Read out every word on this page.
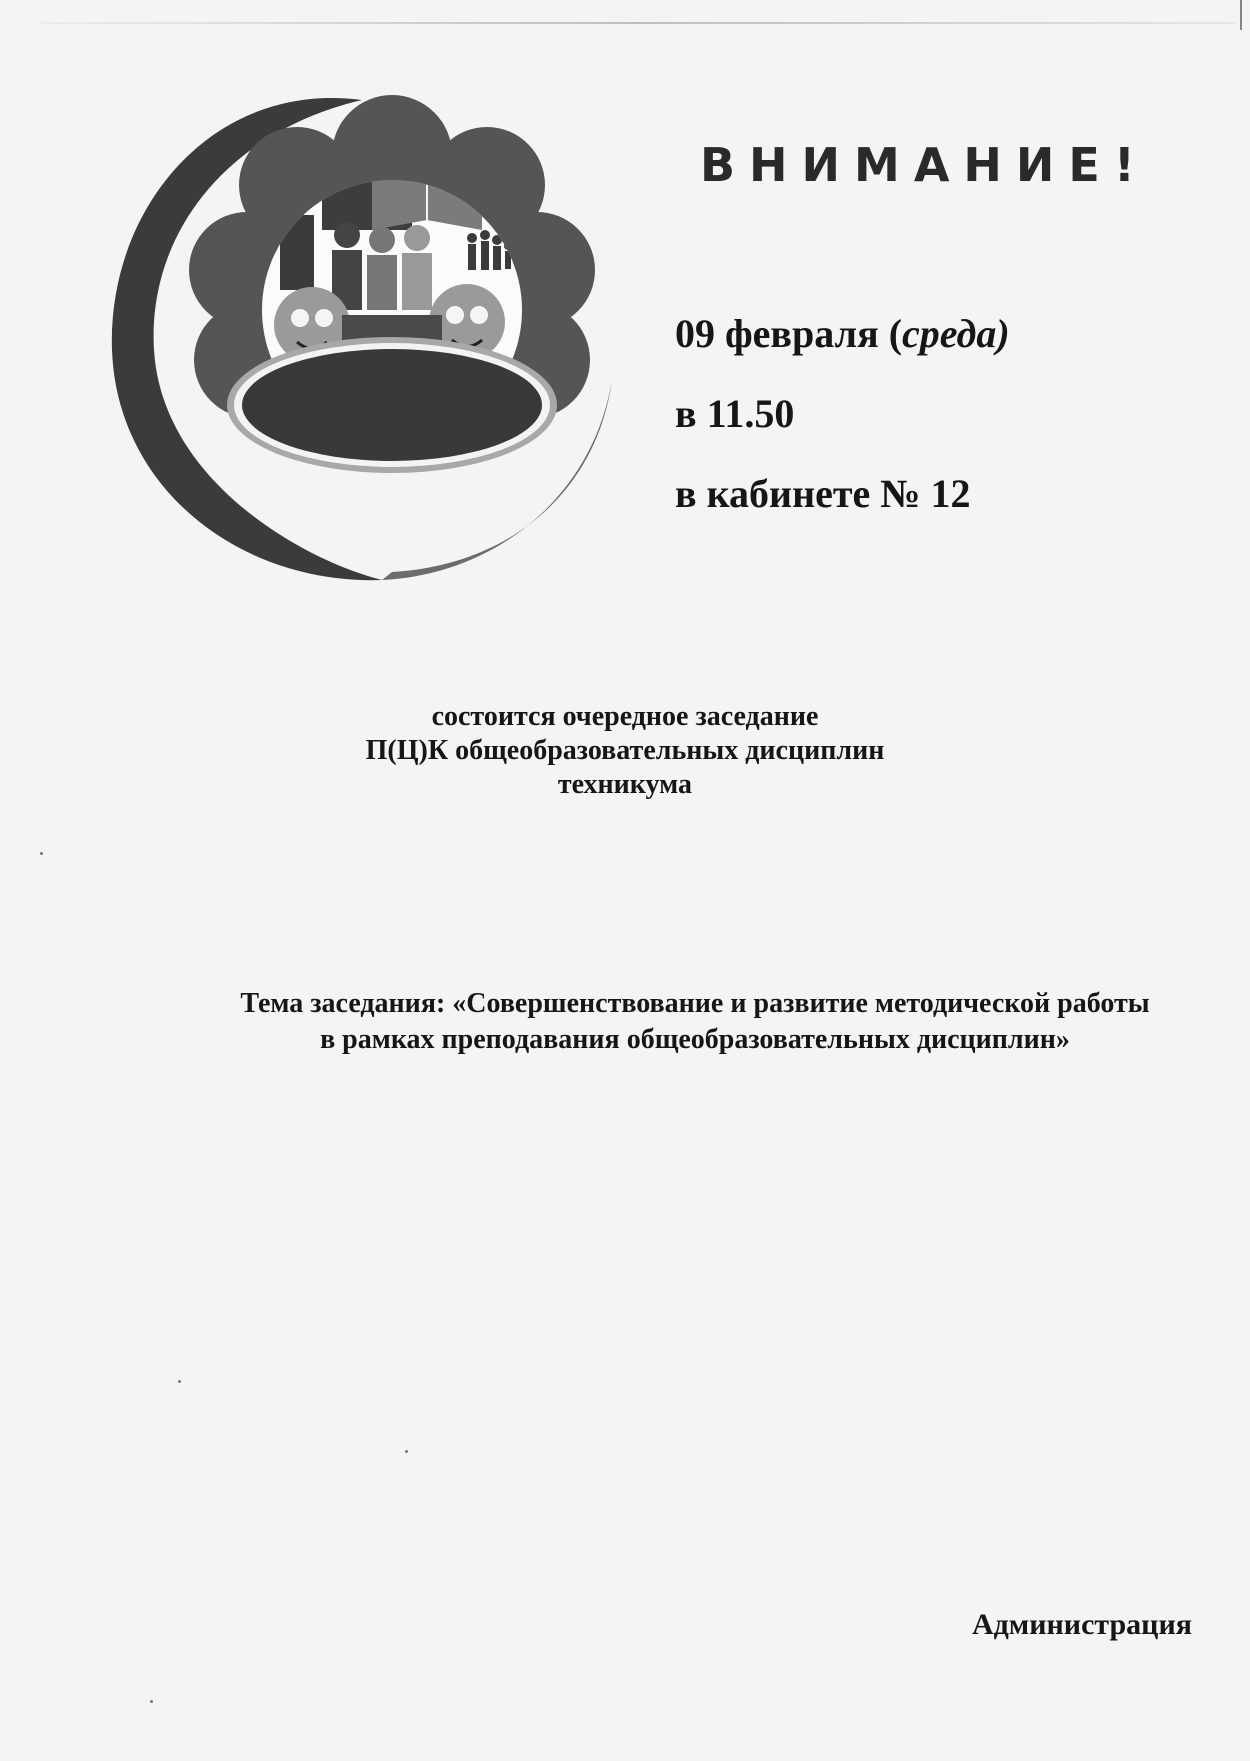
ВНИМАНИЕ!
09 февраля (среда)
в 11.50
в кабинете № 12
состоится очередное заседание
П(Ц)К общеобразовательных дисциплин
техникума
Тема заседания: «Совершенствование и развитие методической работы
в рамках преподавания общеобразовательных дисциплин»
Администрация
